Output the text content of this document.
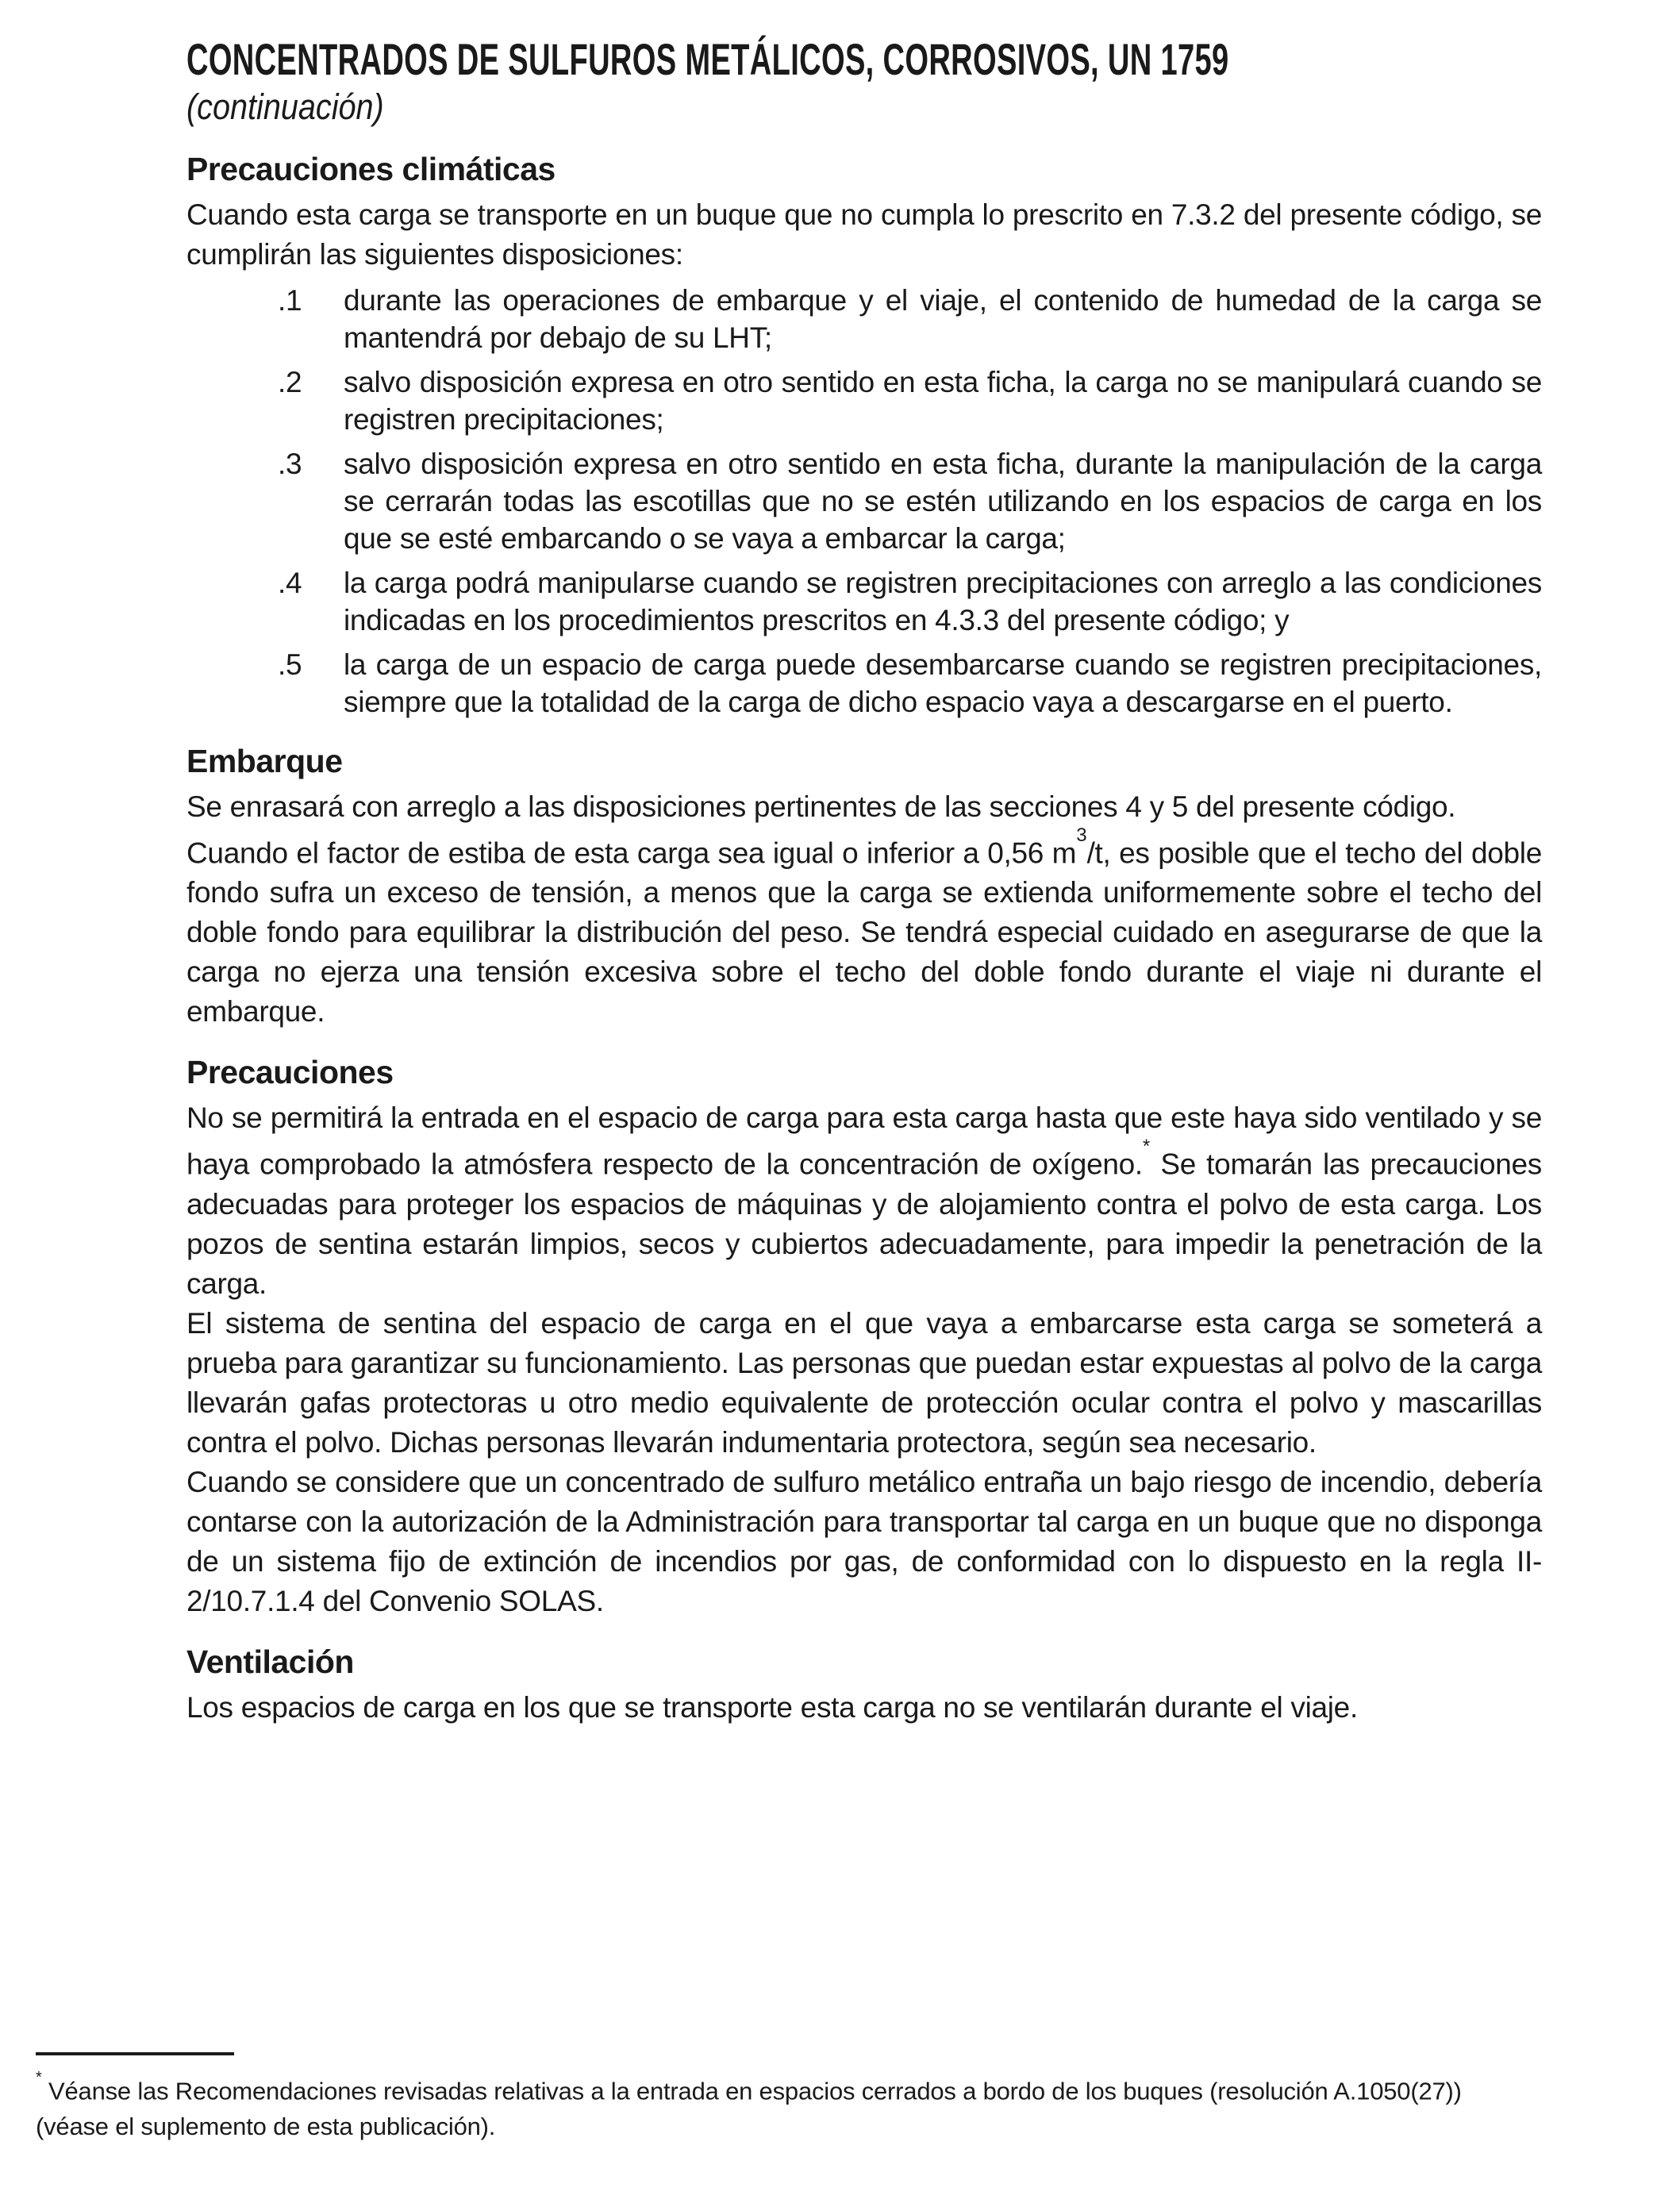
CONCENTRADOS DE SULFUROS METÁLICOS, CORROSIVOS, UN 1759
(continuación)
Precauciones climáticas

Cuando esta carga se transporte en un buque que no cumpla lo prescrito en 7.3.2 del presente código, se cumplirán las siguientes disposiciones:

.1 durante las operaciones de embarque y el viaje, el contenido de humedad de la carga se mantendrá por debajo de su LHT;
.2 salvo disposición expresa en otro sentido en esta ficha, la carga no se manipulará cuando se registren precipitaciones;
.3 salvo disposición expresa en otro sentido en esta ficha, durante la manipulación de la carga se cerrarán todas las escotillas que no se estén utilizando en los espacios de carga en los que se esté embarcando o se vaya a embarcar la carga;
.4 la carga podrá manipularse cuando se registren precipitaciones con arreglo a las condiciones indicadas en los procedimientos prescritos en 4.3.3 del presente código; y
.5 la carga de un espacio de carga puede desembarcarse cuando se registren precipitaciones, siempre que la totalidad de la carga de dicho espacio vaya a descargarse en el puerto.
Embarque

Se enrasará con arreglo a las disposiciones pertinentes de las secciones 4 y 5 del presente código.

Cuando el factor de estiba de esta carga sea igual o inferior a 0,56 $m^3/t$, es posible que el techo del doble fondo sufra un exceso de tensión, a menos que la carga se extienda uniformemente sobre el techo del doble fondo para equilibrar la distribución del peso. Se tendrá especial cuidado en asegurarse de que la carga no ejerza una tensión excesiva sobre el techo del doble fondo durante el viaje ni durante el embarque.

Precauciones

No se permitirá la entrada en el espacio de carga para esta carga hasta que este haya sido ventilado y se haya comprobado la atmósfera respecto de la concentración de oxígeno.* Se tomarán las precauciones adecuadas para proteger los espacios de máquinas y de alojamiento contra el polvo de esta carga. Los pozos de sentina estarán limpios, secos y cubiertos adecuadamente, para impedir la penetración de la carga.

El sistema de sentina del espacio de carga en el que vaya a embarcarse esta carga se someterá a prueba para garantizar su funcionamiento. Las personas que puedan estar expuestas al polvo de la carga llevarán gafas protectoras u otro medio equivalente de protección ocular contra el polvo y mascarillas contra el polvo. Dichas personas llevarán indumentaria protectora, según sea necesario.

Cuando se considere que un concentrado de sulfuro metálico entraña un bajo riesgo de incendio, debería contarse con la autorización de la Administración para transportar tal carga en un buque que no disponga de un sistema fijo de extinción de incendios por gas, de conformidad con lo dispuesto en la regla II-2/10.7.1.4 del Convenio SOLAS.

Ventilación

Los espacios de carga en los que se transporte esta carga no se ventilarán durante el viaje.

* Véanse las Recomendaciones revisadas relativas a la entrada en espacios cerrados a bordo de los buques (resolución A.1050(27)) (véase el suplemento de esta publicación).
